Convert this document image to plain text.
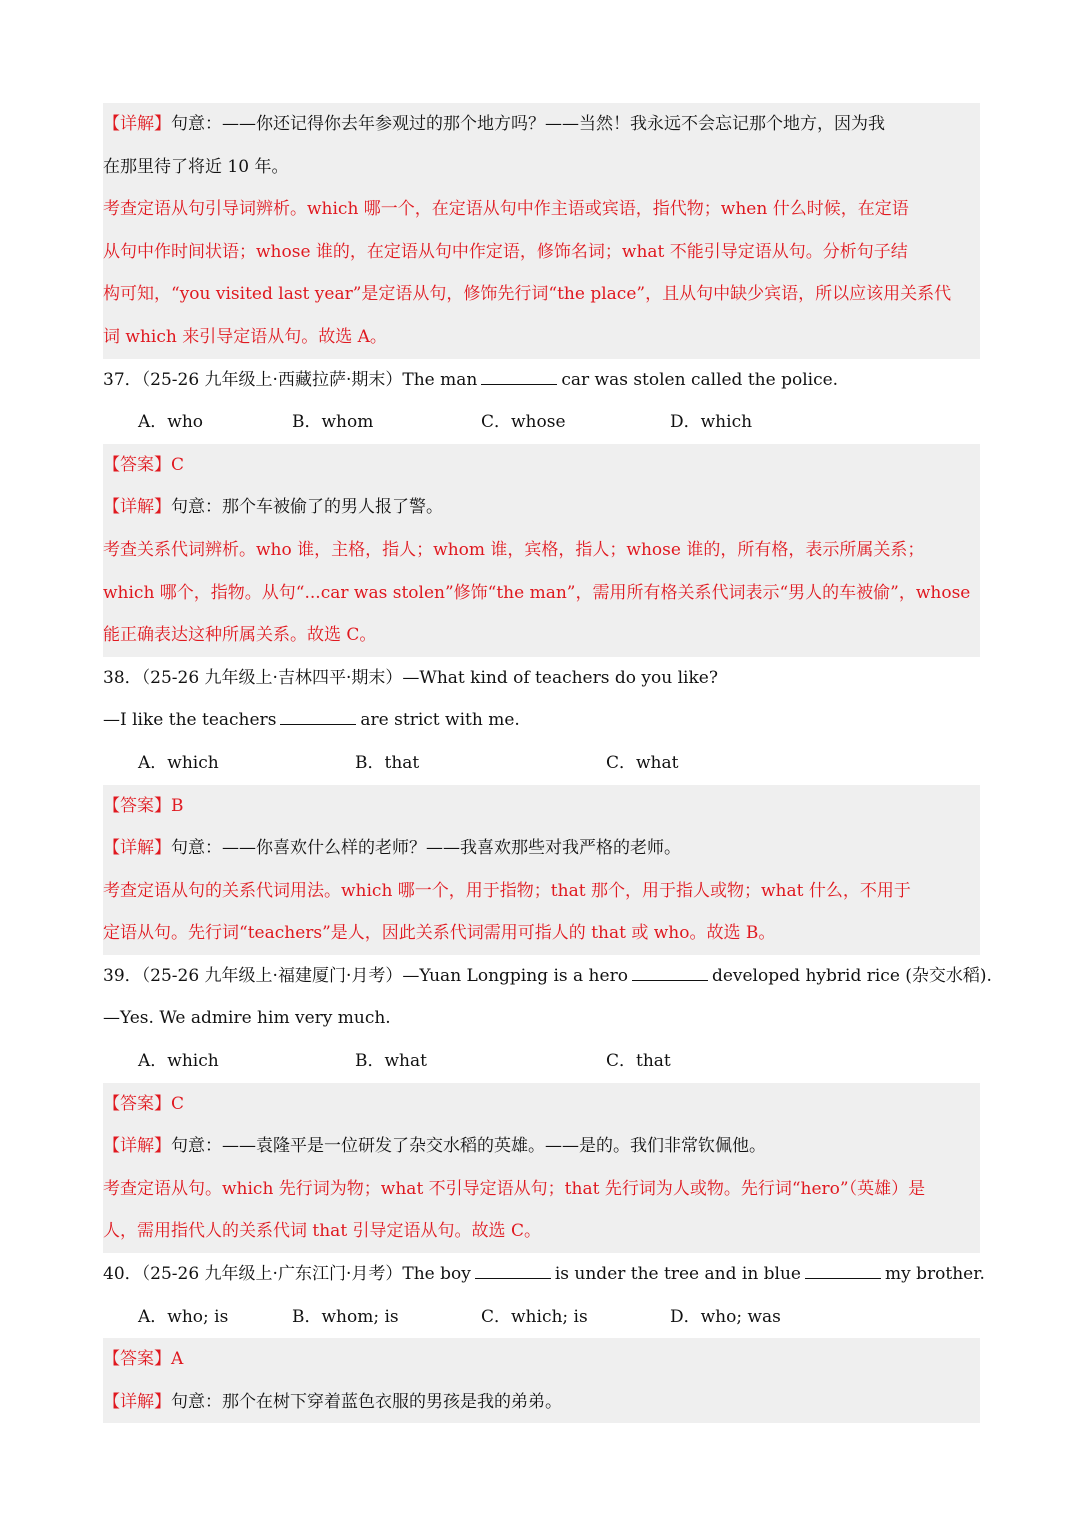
【详解】句意：——你还记得你去年参观过的那个地方吗？——当然！我永远不会忘记那个地方，因为我
在那里待了将近 10 年。
考查定语从句引导词辨析。which 哪一个，在定语从句中作主语或宾语，指代物；when 什么时候，在定语
从句中作时间状语；whose 谁的，在定语从句中作定语，修饰名词；what 不能引导定语从句。分析句子结
构可知，“you visited last year”是定语从句，修饰先行词“the place”，且从句中缺少宾语，所以应该用关系代
词 which 来引导定语从句。故选 A。
37．（25-26 九年级上·西藏拉萨·期末）The man	car was stolen called the police.
A．who	B．whom	C．whose	D．which
【答案】C
【详解】句意：那个车被偷了的男人报了警。
考查关系代词辨析。who 谁，主格，指人；whom 谁，宾格，指人；whose 谁的，所有格，表示所属关系；
which 哪个，指物。从句“...car was stolen”修饰“the man”，需用所有格关系代词表示“男人的车被偷”，whose
能正确表达这种所属关系。故选 C。
38．（25-26 九年级上·吉林四平·期末）—What kind of teachers do you like?
—I like the teachers	are strict with me.
A．which	B．that	C．what
【答案】B
【详解】句意：——你喜欢什么样的老师？——我喜欢那些对我严格的老师。
考查定语从句的关系代词用法。which 哪一个，用于指物；that 那个，用于指人或物；what 什么，不用于
定语从句。先行词“teachers”是人，因此关系代词需用可指人的 that 或 who。故选 B。
39．（25-26 九年级上·福建厦门·月考）—Yuan Longping is a hero	developed hybrid rice (杂交水稻).
—Yes. We admire him very much.
A．which	B．what	C．that
【答案】C
【详解】句意：——袁隆平是一位研发了杂交水稻的英雄。——是的。我们非常钦佩他。
考查定语从句。which 先行词为物；what 不引导定语从句；that 先行词为人或物。先行词“hero”（英雄）是
人，需用指代人的关系代词 that 引导定语从句。故选 C。
40．（25-26 九年级上·广东江门·月考）The boy	is under the tree and in blue	my brother.
A．who; is	B．whom; is	C．which; is	D．who; was
【答案】A
【详解】句意：那个在树下穿着蓝色衣服的男孩是我的弟弟。
